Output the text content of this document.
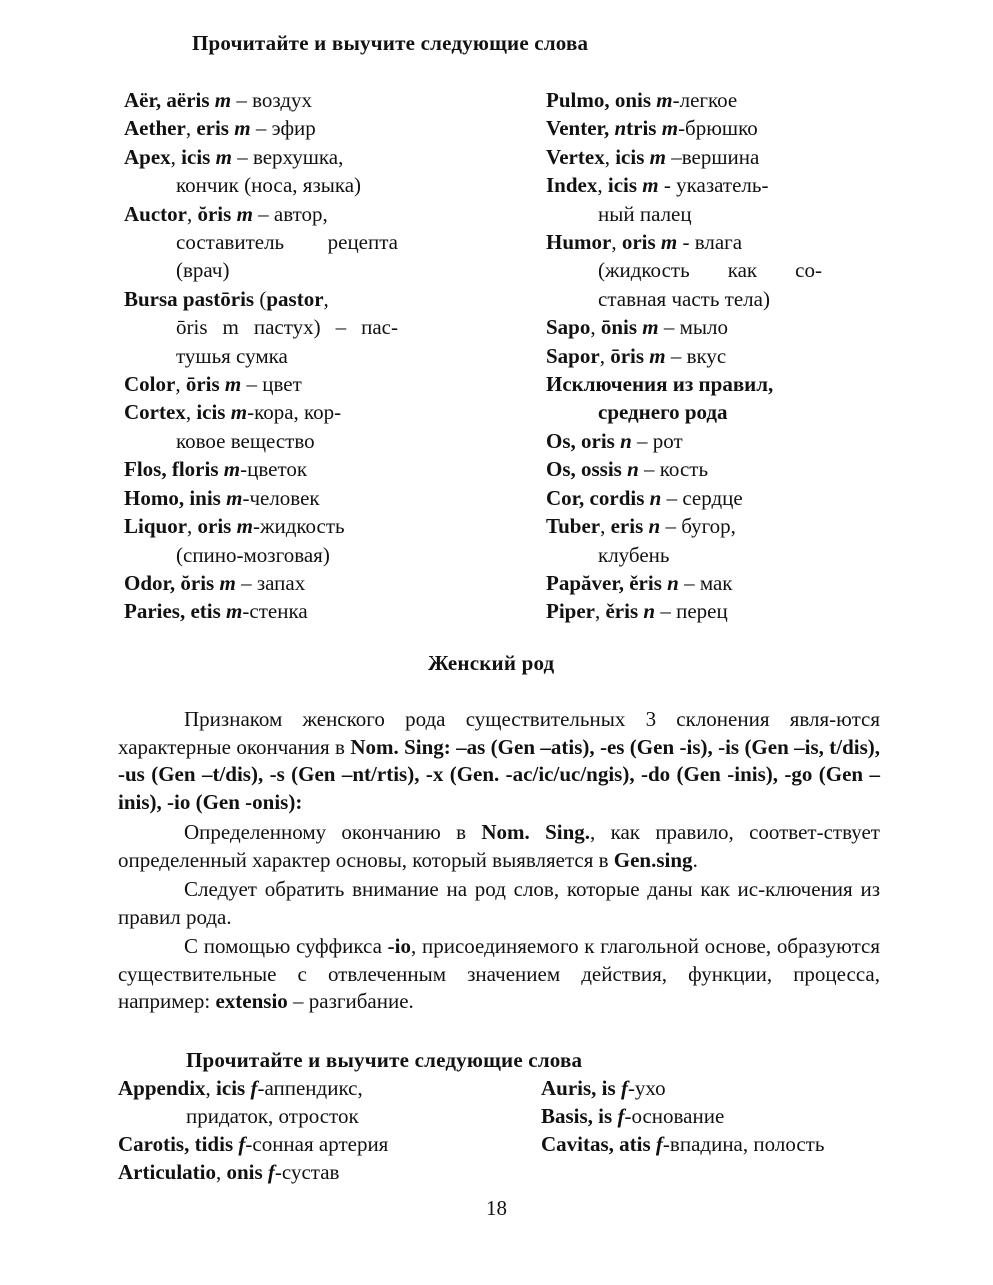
Прочитайте и выучите следующие слова
Aёr, aёris m – воздух
Aether, eris m – эфир
Apex, icis m – верхушка,
кончик (носа, языка)
Auctor, ŏris m – автор,
составитель рецепта (врач)
Bursa pastōris (pastor,
ōris m пастух) – пас-тушья сумка
Color, ōris m – цвет
Cortex, icis m-кора, кор-
ковое вещество
Flos, floris m-цветок
Homo, inis m-человек
Liquor, oris m-жидкость
(спино-мозговая)
Odor, ŏris m – запах
Paries, etis m-стенка
Pulmo, onis m-легкое
Venter, ntris m-брюшко
Vertex, icis m –вершина
Index, icis m - указатель-
ный палец
Humor, oris m - влага
(жидкость как со-ставная часть тела)
Sapo, ōnis m – мыло
Sapor, ōris m – вкус
Исключения из правил,
среднего рода
Os, oris n – рот
Os, ossis n – кость
Cor, cordis n – сердце
Tuber, eris n – бугор,
клубень
Papăver, ěris n – мак
Piper, ěris n – перец
Женский род

Признаком женского рода существительных 3 склонения явля-ются характерные окончания в Nom. Sing: –as (Gen –atis), -es (Gen -is), -is (Gen –is, t/dis), -us (Gen –t/dis), -s (Gen –nt/rtis), -x (Gen. -ac/ic/uc/ngis), -do (Gen -inis), -go (Gen – inis), -io (Gen -onis):

Определенному окончанию в Nom. Sing., как правило, соответ-ствует определенный характер основы, который выявляется в Gen.sing.

Следует обратить внимание на род слов, которые даны как ис-ключения из правил рода.

С помощью суффикса -io, присоединяемого к глагольной основе, образуются существительные с отвлеченным значением действия, функции, процесса, например: extensio – разгибание.

Прочитайте и выучите следующие слова
Appendix, icis f-аппендикс,
придаток, отросток
Carotis, tidis f-сонная артерия
Articulatio, onis f-сустав
Auris, is f-ухо
Basis, is f-основание
Cavitas, atis f-впадина, полость
18
